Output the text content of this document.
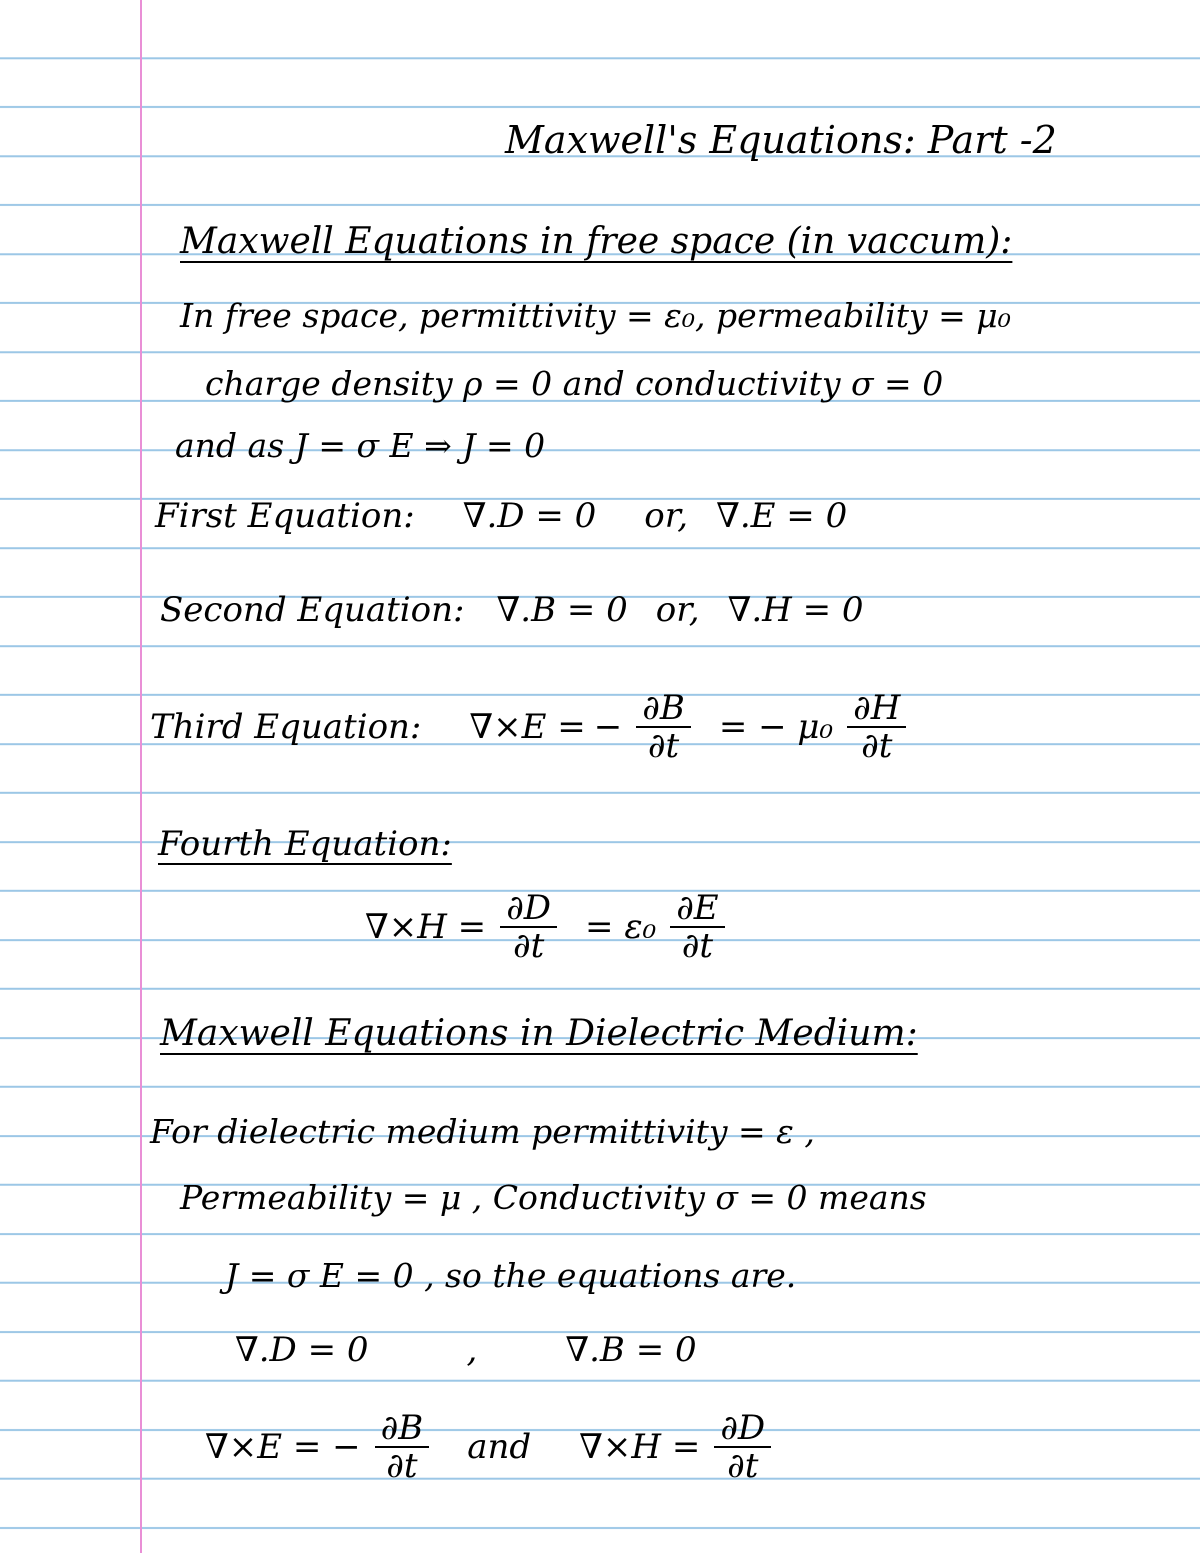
Maxwell's Equations: Part -2
Maxwell Equations in free space (in vaccum):
In free space, permittivity = ε₀, permeability = μ₀
charge density ρ = 0 and conductivity σ = 0
and as J = σ E ⇒ J = 0
First Equation: ∇.D = 0 or, ∇.E = 0
Second Equation: ∇.B = 0 or, ∇.H = 0
Third Equation: ∇×E = − $\frac{\partial B}{\partial t}$ = − $\mu_0 \frac{\partial H}{\partial t}$
Fourth Equation:
$\nabla\times H = \frac{\partial D}{\partial t} = \varepsilon_0 \frac{\partial E}{\partial t}$
Maxwell Equations in Dielectric Medium:
For dielectric medium permittivity = ε ,
Permeability = μ , Conductivity σ = 0 means
J = σ E = 0 , so the equations are.
∇.D = 0	,	∇.B = 0
∇×E = − $\frac{\partial B}{\partial t}$ and $\nabla\times H = \frac{\partial D}{\partial t}$
